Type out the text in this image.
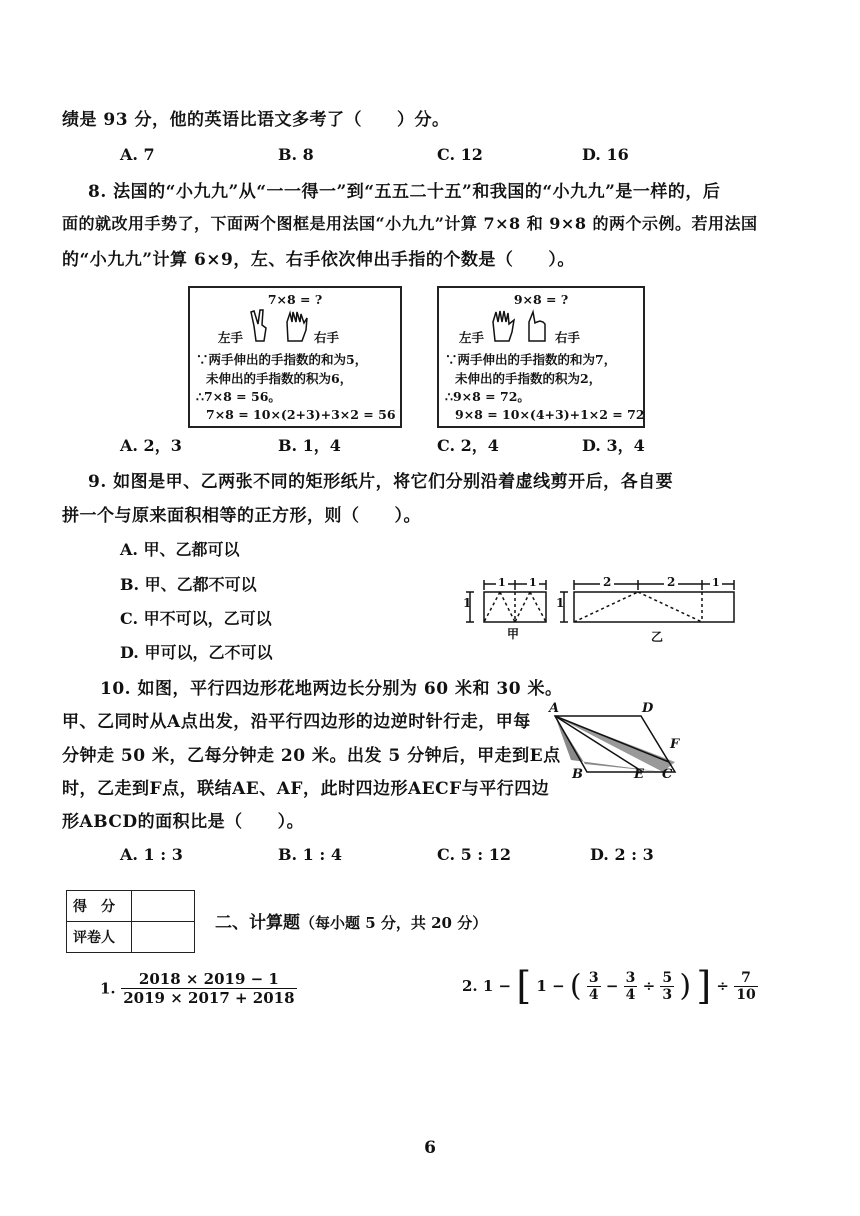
绩是 93 分，他的英语比语文多考了（　　）分。
A. 7	B. 8	C. 12	D. 16
8. 法国的“小九九”从“一一得一”到“五五二十五”和我国的“小九九”是一样的，后
面的就改用手势了，下面两个图框是用法国“小九九”计算 7×8 和 9×8 的两个示例。若用法国
的“小九九”计算 6×9，左、右手依次伸出手指的个数是（　　）。
7×8 = ?
左手	右手
∵两手伸出的手指数的和为5，
未伸出的手指数的积为6，
∴7×8 = 56。
7×8 = 10×(2+3)+3×2 = 56
9×8 = ?
左手	右手
∵两手伸出的手指数的和为7，
未伸出的手指数的积为2，
∴9×8 = 72。
9×8 = 10×(4+3)+1×2 = 72
A. 2，3	B. 1，4	C. 2，4	D. 3，4
9. 如图是甲、乙两张不同的矩形纸片，将它们分别沿着虚线剪开后，各自要
拼一个与原来面积相等的正方形，则（　　）。
A. 甲、乙都可以
B. 甲、乙都不可以
C. 甲不可以，乙可以
D. 甲可以，乙不可以
1 1
1
2	2	1
1
甲	乙
10. 如图，平行四边形花地两边长分别为 60 米和 30 米。
甲、乙同时从A点出发，沿平行四边形的边逆时针行走，甲每
分钟走 50 米，乙每分钟走 20 米。出发 5 分钟后，甲走到E点
时，乙走到F点，联结AE、AF，此时四边形AECF与平行四边
形ABCD的面积比是（　　）。
A	D
F
B	E C
A. 1 : 3	B. 1 : 4	C. 5 : 12	D. 2 : 3
得　分	
评卷人	
二、计算题（每小题 5 分，共 20 分）
1. $\frac{2018 \times 2019 - 1}{2019 \times 2017 + 2018}$	2. 1 − [ 1 − ( $\frac{3}{4} - \frac{3}{4} \div \frac{5}{3}$ ) ] ÷ $\frac{7}{10}$
6
